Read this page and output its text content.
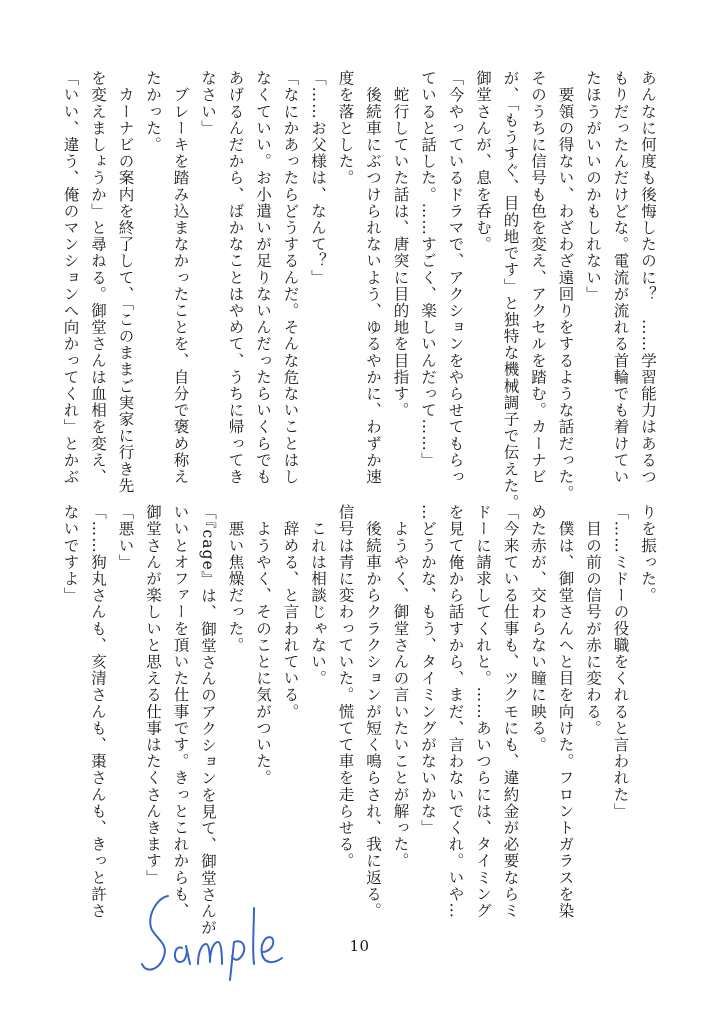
あんなに何度も後悔したのに？　……学習能力はあるつ
もりだったんだけどな。電流が流れる首輪でも着けてい
たほうがいいのかもしれない」
　要領の得ない、わざわざ遠回りをするような話だった。
そのうちに信号も色を変え、アクセルを踏む。カーナビ
が、「もうすぐ、目的地です」と独特な機械調子で伝えた。
御堂さんが、息を呑む。
「今やっているドラマで、アクションをやらせてもらっ
ていると話した。……すごく、楽しいんだって……」
　蛇行していた話は、唐突に目的地を目指す。
　後続車にぶつけられないよう、ゆるやかに、わずか速
度を落とした。
「……お父様は、なんて？」
「なにかあったらどうするんだ。そんな危ないことはし
なくていい。お小遣いが足りないんだったらいくらでも
あげるんだから、ばかなことはやめて、うちに帰ってき
なさい」
　ブレーキを踏み込まなかったことを、自分で褒め称え
たかった。
　カーナビの案内を終了して、「このままご実家に行き先
を変えましょうか」と尋ねる。御堂さんは血相を変え、
「いい、違う、俺のマンションへ向かってくれ」とかぶ
りを振った。
「……ミドーの役職をくれると言われた」
　目の前の信号が赤に変わる。
　僕は、御堂さんへと目を向けた。フロントガラスを染
めた赤が、交わらない瞳に映る。
「今来ている仕事も、ツクモにも、違約金が必要ならミ
ドーに請求してくれと。……あいつらには、タイミング
を見て俺から話すから、まだ、言わないでくれ。いや…
…どうかな、もう、タイミングがないかな」
　ようやく、御堂さんの言いたいことが解った。
　後続車からクラクションが短く鳴らされ、我に返る。
信号は青に変わっていた。慌てて車を走らせる。
　これは相談じゃない。
　辞める、と言われている。
　ようやく、そのことに気がついた。
　悪い焦燥だった。
「『cage』は、御堂さんのアクションを見て、御堂さんが
いいとオファーを頂いた仕事です。きっとこれからも、
御堂さんが楽しいと思える仕事はたくさんきます」
「悪い」
「……狗丸さんも、亥清さんも、棗さんも、きっと許さ
ないですよ」
10
